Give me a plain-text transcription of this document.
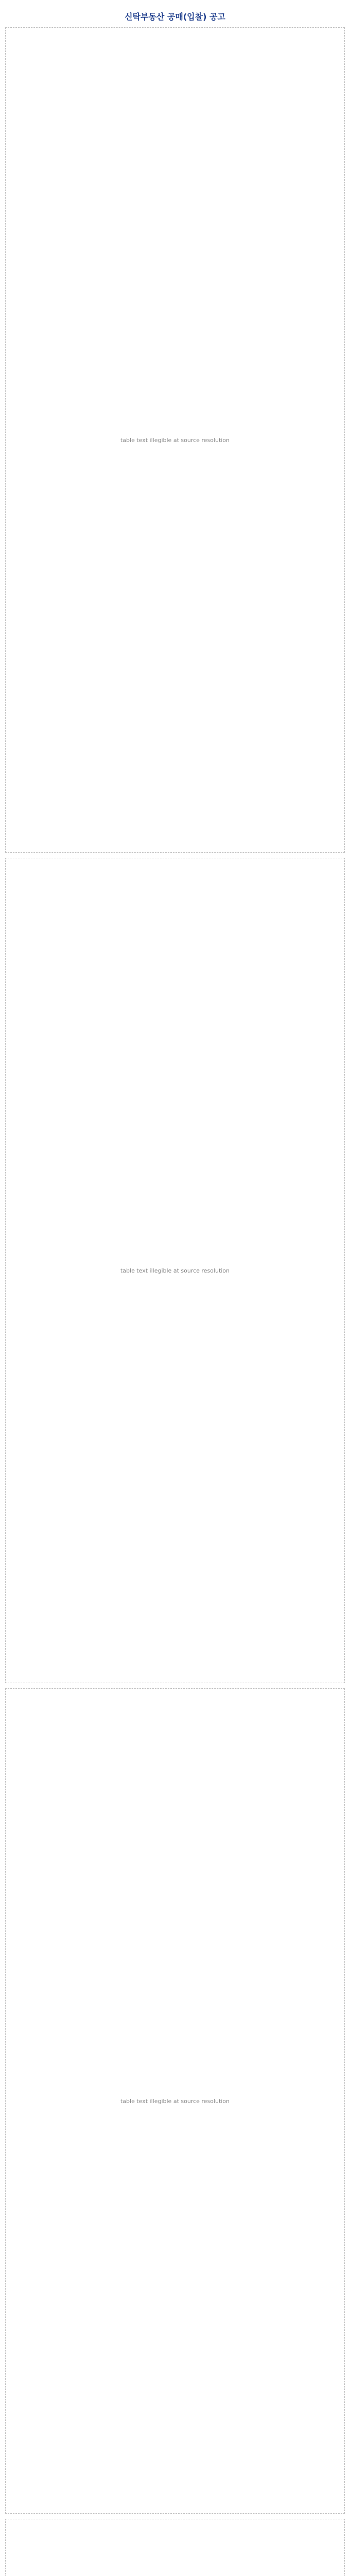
신탁부동산 공매(입찰) 공고
table text illegible at source resolution
table text illegible at source resolution
table text illegible at source resolution
